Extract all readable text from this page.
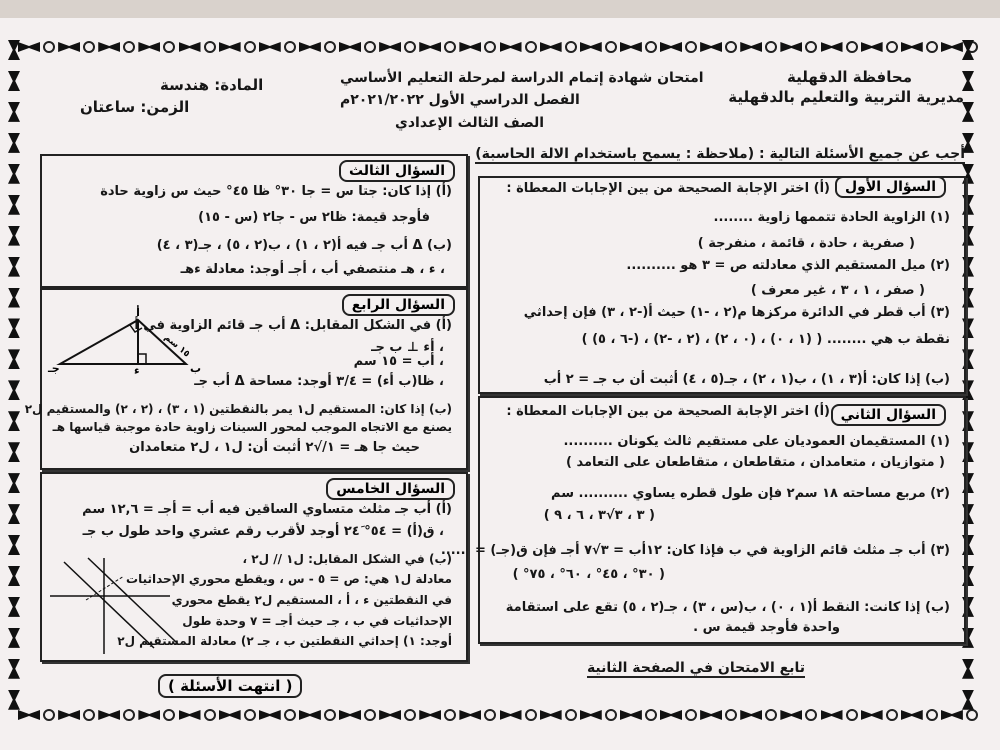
محافظة الدقهلية
مديرية التربية والتعليم بالدقهلية
امتحان شهادة إتمام الدراسة لمرحلة التعليم الأساسي
الفصل الدراسي الأول ٢٠٢١/٢٠٢٢م
الصف الثالث الإعدادي
المادة: هندسة
الزمن: ساعتان
أجب عن جميع الأسئلة التالية : (ملاحظة : يسمح باستخدام الالة الحاسبة)
السؤال الأول
(أ) اختر الإجابة الصحيحة من بين الإجابات المعطاة :
(١) الزاوية الحادة تتممها زاوية ........
( صفرية ، حادة ، قائمة ، منفرجة )
(٢) ميل المستقيم الذي معادلته ص = ٣ هو ..........
( صفر ، ١ ، ٣ ، غير معرف )
(٣) أب قطر في الدائرة مركزها م(٢ ، -١) حيث أ(-٢ ، ٣) فإن إحداثي
نقطة ب هي ........ ( (١ ، ٠) ، (٠ ، ٢) ، (٢ ، -٢) ، (-٦ ، ٥) )
(ب) إذا كان: أ(٣ ، ١) ، ب(١ ، ٢) ، جـ(٥ ، ٤) أثبت أن ب جـ = ٢ أب
السؤال الثاني
(أ) اختر الإجابة الصحيحة من بين الإجابات المعطاة :
(١) المستقيمان العموديان على مستقيم ثالث يكونان ..........
( متوازيان ، متعامدان ، متقاطعان ، متقاطعان على التعامد )
(٢) مربع مساحته ١٨ سم٢ فإن طول قطره يساوي .......... سم
( ٣ ، ٣√٣ ، ٦ ، ٩ )
(٣) أب جـ مثلث قائم الزاوية في ب فإذا كان: ١٢أب = ٣√٧ أجـ فإن ق(جـ) = ......
( ٣٠° ، ٤٥° ، ٦٠° ، ٧٥° )
(ب) إذا كانت: النقط أ(١ ، ٠) ، ب(س ، ٣) ، جـ(٢ ، ٥) تقع على استقامة
واحدة فأوجد قيمة س .
تابع الامتحان في الصفحة الثانية
السؤال الثالث
(أ) إذا كان: جتا س = جا ٣٠° ظا ٤٥° حيث س زاوية حادة
فأوجد قيمة: ظا٢ س - جا٢ (س - ١٥)
(ب) Δ أب جـ فيه أ(٢ ، ١) ، ب(٢ ، ٥) ، جـ(٣ ، ٤)
، ء ، هـ منتصفي أب ، أجـ أوجد: معادلة ءهـ
السؤال الرابع
(أ) في الشكل المقابل: Δ أب جـ قائم الزاوية في أ
، أء ⊥ ب جـ
، أب = ١٥ سم
، ظا(ب أء) = ٣/٤ أوجد: مساحة Δ أب جـ
(ب) إذا كان: المستقيم ل١ يمر بالنقطتين (١ ، ٣) ، (٢ ، ٢) والمستقيم ل٢
يصنع مع الاتجاه الموجب لمحور السينات زاوية حادة موجبة قياسها هـ
حيث جا هـ = ١/√٢ أثبت أن: ل١ ، ل٢ متعامدان
أ
ب
جـ	ء
١٥ سم
السؤال الخامس
(أ) أب جـ مثلث متساوي الساقين فيه أب = أجـ = ١٢,٦ سم
، ق(أ) = ٥٤° ٢٤َ أوجد لأقرب رقم عشري واحد طول ب جـ
(ب) في الشكل المقابل: ل١ // ل٢ ،
معادلة ل١ هي: ص = ٥ - س ، ويقطع محوري الإحداثيات
في النقطتين ء ، أ ، المستقيم ل٢ يقطع محوري
الإحداثيات في ب ، جـ حيث أجـ = ٧ وحدة طول
أوجد: ١) إحداثي النقطتين ب ، جـ ٢) معادلة المستقيم ل٢
( انتهت الأسئلة )
